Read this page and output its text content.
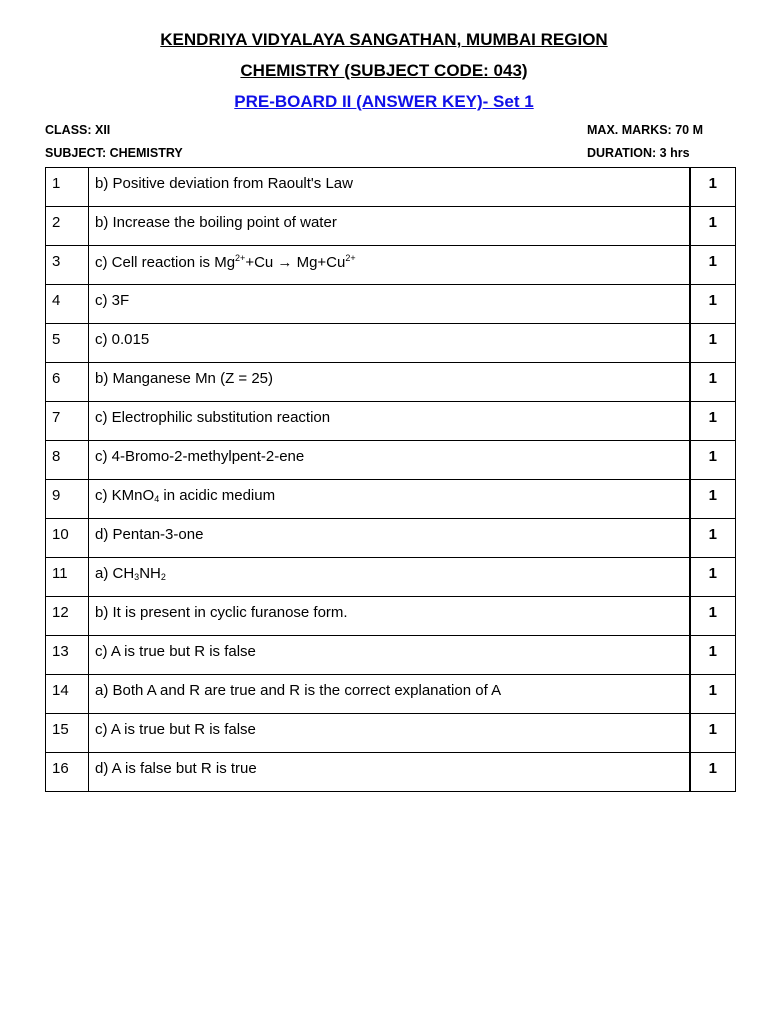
KENDRIYA VIDYALAYA SANGATHAN, MUMBAI REGION
CHEMISTRY (SUBJECT CODE: 043)
PRE-BOARD II (ANSWER KEY)- Set 1
CLASS: XII
SUBJECT: CHEMISTRY
MAX. MARKS: 70 M
DURATION: 3 hrs
1	b) Positive deviation from Raoult's Law	1
2	b) Increase the boiling point of water	1
3	c) Cell reaction is $Mg^{2+}+Cu \to Mg+Cu^{2+}$	1
4	c) 3F	1
5	c) 0.015	1
6	b) Manganese Mn (Z = 25)	1
7	c) Electrophilic substitution reaction	1
8	c) 4-Bromo-2-methylpent-2-ene	1
9	c) KMnO$_4$ in acidic medium	1
10	d) Pentan-3-one	1
11	a) $CH_3NH_2$	1
12	b) It is present in cyclic furanose form.	1
13	c) A is true but R is false	1
14	a) Both A and R are true and R is the correct explanation of A	1
15	c) A is true but R is false	1
16	d) A is false but R is true	1
